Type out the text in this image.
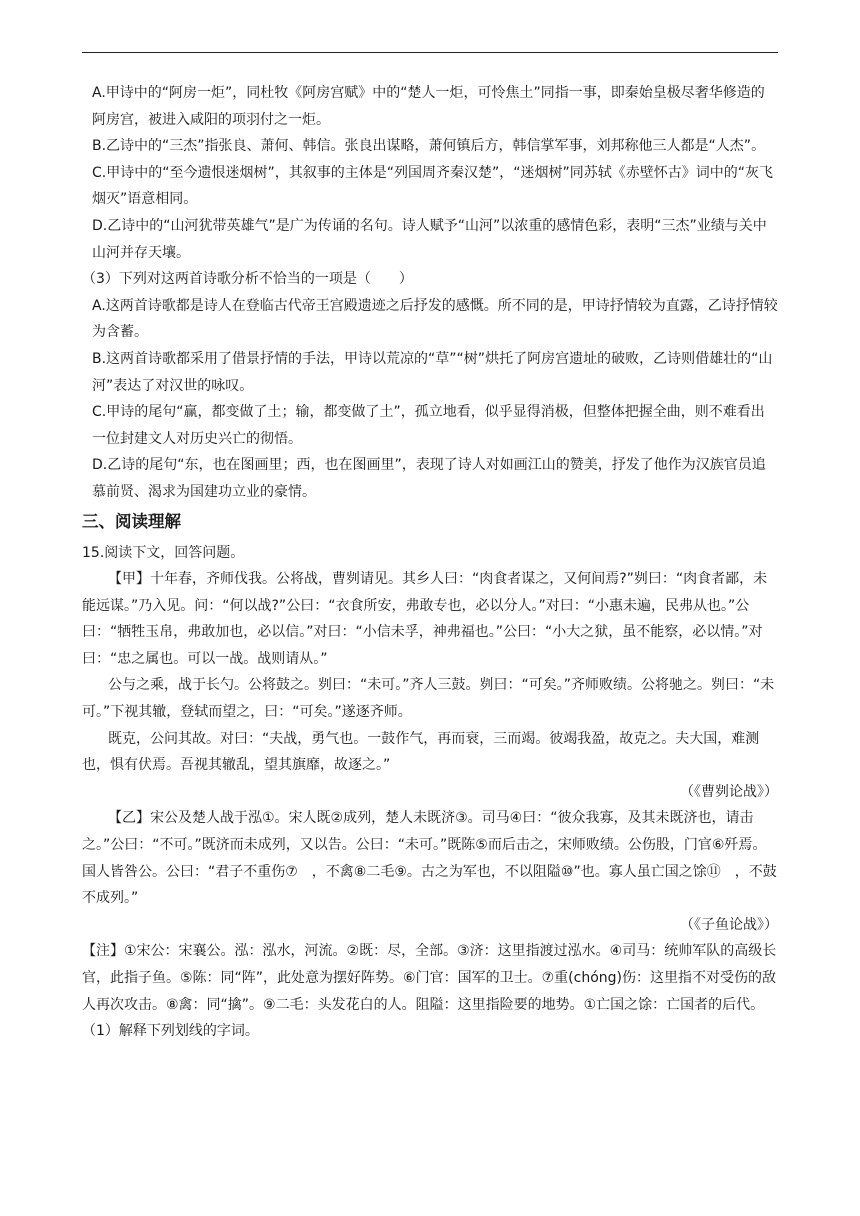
A.甲诗中的“阿房一炬”，同杜牧《阿房宫赋》中的“楚人一炬，可怜焦土”同指一事，即秦始皇极尽奢华修造的阿房宫，被进入咸阳的项羽付之一炬。

B.乙诗中的“三杰”指张良、萧何、韩信。张良出谋略，萧何镇后方，韩信掌军事，刘邦称他三人都是“人杰”。

C.甲诗中的“至今遗恨迷烟树”，其叙事的主体是“列国周齐秦汉楚”，“迷烟树”同苏轼《赤壁怀古》词中的“灰飞烟灭”语意相同。

D.乙诗中的“山河犹带英雄气”是广为传诵的名句。诗人赋予“山河”以浓重的感情色彩，表明“三杰”业绩与关中山河并存天壤。

（3）下列对这两首诗歌分析不恰当的一项是（　　）

A.这两首诗歌都是诗人在登临古代帝王宫殿遗迹之后抒发的感慨。所不同的是，甲诗抒情较为直露，乙诗抒情较为含蓄。

B.这两首诗歌都采用了借景抒情的手法，甲诗以荒凉的“草”“树”烘托了阿房宫遗址的破败，乙诗则借雄壮的“山河”表达了对汉世的咏叹。

C.甲诗的尾句“赢，都变做了土；输，都变做了土”，孤立地看，似乎显得消极，但整体把握全曲，则不难看出一位封建文人对历史兴亡的彻悟。

D.乙诗的尾句“东，也在图画里；西，也在图画里”，表现了诗人对如画江山的赞美，抒发了他作为汉族官员追慕前贤、渴求为国建功立业的豪情。

三、阅读理解

15.阅读下文，回答问题。

【甲】十年春，齐师伐我。公将战，曹刿请见。其乡人曰：“肉食者谋之，又何间焉?”刿曰：“肉食者鄙，未能远谋。”乃入见。问：“何以战?”公曰：“衣食所安，弗敢专也，必以分人。”对曰：“小惠未遍，民弗从也。”公曰：“牺牲玉帛，弗敢加也，必以信。”对曰：“小信未孚，神弗福也。”公曰：“小大之狱，虽不能察，必以情。”对曰：“忠之属也。可以一战。战则请从。”

公与之乘，战于长勺。公将鼓之。刿曰：“未可。”齐人三鼓。刿曰：“可矣。”齐师败绩。公将驰之。刿曰：“未可。”下视其辙，登轼而望之，曰：“可矣。”遂逐齐师。

既克，公问其故。对曰：“夫战，勇气也。一鼓作气，再而衰，三而竭。彼竭我盈，故克之。夫大国，难测也，惧有伏焉。吾视其辙乱，望其旗靡，故逐之。”

（《曹刿论战》）

【乙】宋公及楚人战于泓①。宋人既②成列，楚人未既济③。司马④曰：“彼众我寡，及其未既济也，请击之。”公曰：“不可。”既济而未成列，又以告。公曰：“未可。”既陈⑤而后击之，宋师败绩。公伤股，门官⑥歼焉。国人皆咎公。公曰：“君子不重伤⑦　，不禽⑧二毛⑨。古之为军也，不以阻隘⑩”也。寡人虽亡国之馀⑪　，不鼓不成列。”

（《子鱼论战》）

【注】①宋公：宋襄公。泓：泓水，河流。②既：尽，全部。③济：这里指渡过泓水。④司马：统帅军队的高级长官，此指子鱼。⑤陈：同“阵”，此处意为摆好阵势。⑥门官：国军的卫士。⑦重(chóng)伤：这里指不对受伤的敌人再次攻击。⑧禽：同“擒”。⑨二毛：头发花白的人。阻隘：这里指险要的地势。①亡国之馀：亡国者的后代。

（1）解释下列划线的字词。
